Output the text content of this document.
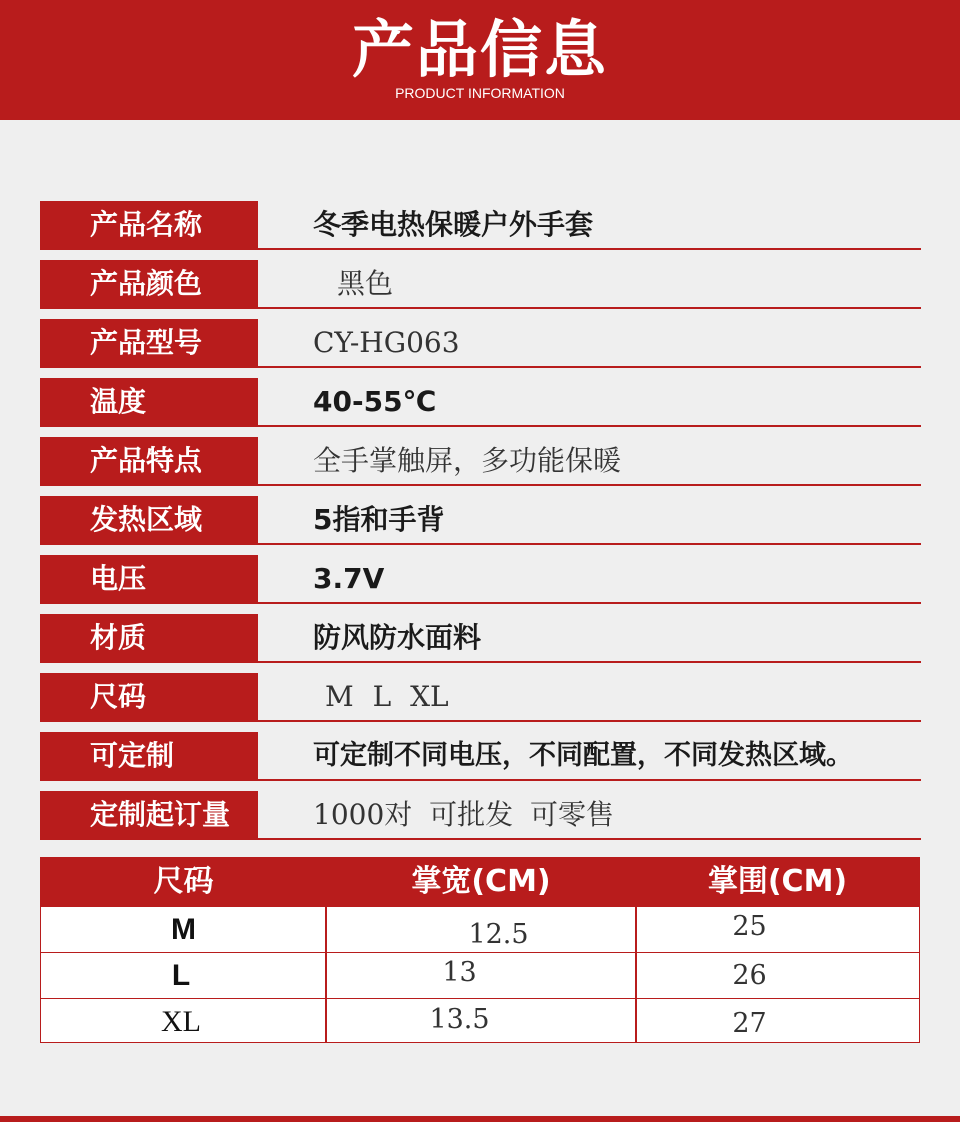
产品信息
PRODUCT INFORMATION
产品名称	冬季电热保暖户外手套
产品颜色	黑色
产品型号	CY-HG063
温度	40-55℃
产品特点	全手掌触屏，多功能保暖
发热区域	5指和手背
电压	3.7V
材质	防风防水面料
尺码	M L XL
可定制	可定制不同电压，不同配置，不同发热区域。
定制起订量	1000对 可批发 可零售
尺码	掌宽(CM)	掌围(CM)
M	12.5	25
L	13	26
XL	13.5	27
